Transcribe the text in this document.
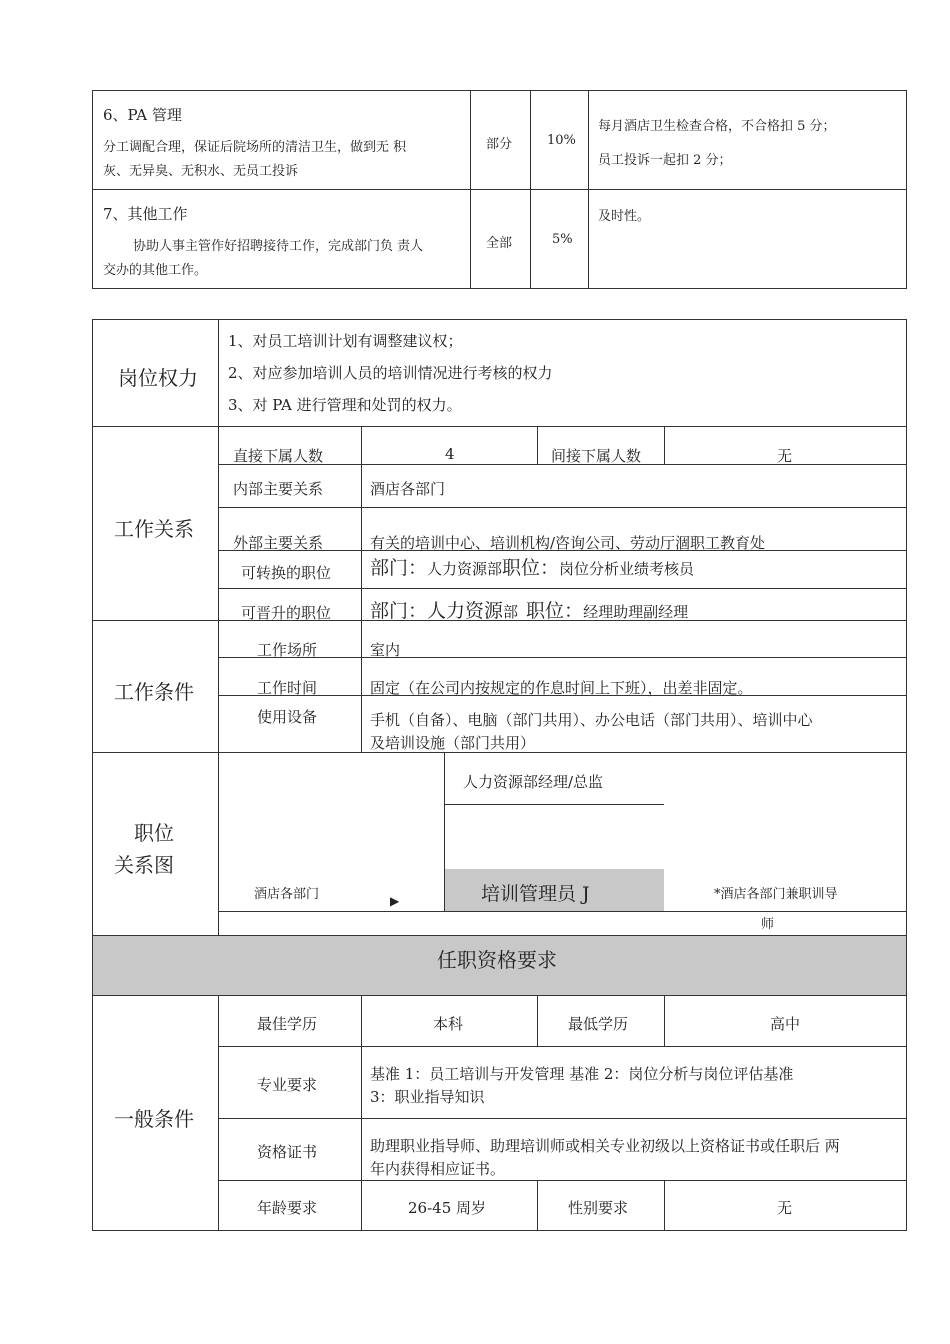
6、PA 管理
分工调配合理，保证后院场所的清洁卫生，做到无 积
灰、无异臭、无积水、无员工投诉
部分	10%
每月酒店卫生检查合格，不合格扣 5 分；
员工投诉一起扣 2 分；
7、其他工作
协助人事主管作好招聘接待工作，完成部门负 责人
交办的其他工作。
全部	5%
及时性。
岗位权力
1、对员工培训计划有调整建议权；
2、对应参加培训人员的培训情况进行考核的权力
3、对 PA 进行管理和处罚的权力。
工作关系
直接下属人数	4	间接下属人数	无
内部主要关系	酒店各部门
外部主要关系	有关的培训中心、培训机构/咨询公司、劳动厅涸职工教育处
可转换的职位 部门：人力资源部职位：岗位分析业绩考核员
可晋升的职位 部门：人力资源部 职位：经理助理副经理
工作条件
工作场所	室内
工作时间	固定（在公司内按规定的作息时间上下班），出差非固定。
使用设备	手机（自备）、电脑（部门共用）、办公电话（部门共用）、培训中心
及培训设施（部门共用）
职位
关系图
人力资源部经理/总监
酒店各部门	▶	培训管理员 J	*酒店各部门兼职训导
师
任职资格要求
一般条件
最佳学历	本科	最低学历	高中
专业要求
基准 1：员工培训与开发管理 基准 2：岗位分析与岗位评估基准
3：职业指导知识
资格证书	助理职业指导师、助理培训师或相关专业初级以上资格证书或任职后 两
年内获得相应证书。
年龄要求	26-45 周岁	性别要求	无
